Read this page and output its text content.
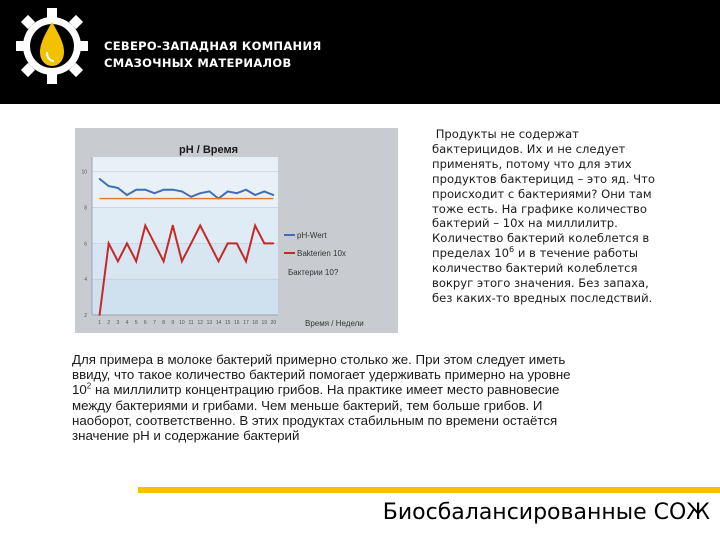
СЕВЕРО-ЗАПАДНАЯ КОМПАНИЯ
СМАЗОЧНЫХ МАТЕРИАЛОВ
2
4
6
8
10
1 2 3 4 5 6 7 8 9 10 11 12 13 14 15 16 17 18 19 20
pH / Время
pH-Wert
Bakterien 10x
Бактерии 10?
Время / Недели

Продукты не содержат

бактерицидов. Их и не следует

применять, потому что для этих

продуктов бактерицид – это яд. Что

происходит с бактериями? Они там

тоже есть. На графике количество

бактерий – 10х на миллилитр.

Количество бактерий колеблется в

пределах $10^6$ и в течение работы

количество бактерий колеблется

вокруг этого значения. Без запаха,

без каких-то вредных последствий.

Для примера в молоке бактерий примерно столько же. При этом следует иметь

ввиду, что такое количество бактерий помогает удерживать примерно на уровне

$10^2$ на миллилитр концентрацию грибов. На практике имеет место равновесие

между бактериями и грибами. Чем меньше бактерий, тем больше грибов. И

наоборот, соответственно. В этих продуктах стабильным по времени остаётся

значение pH и содержание бактерий

Биосбалансированные СОЖ
